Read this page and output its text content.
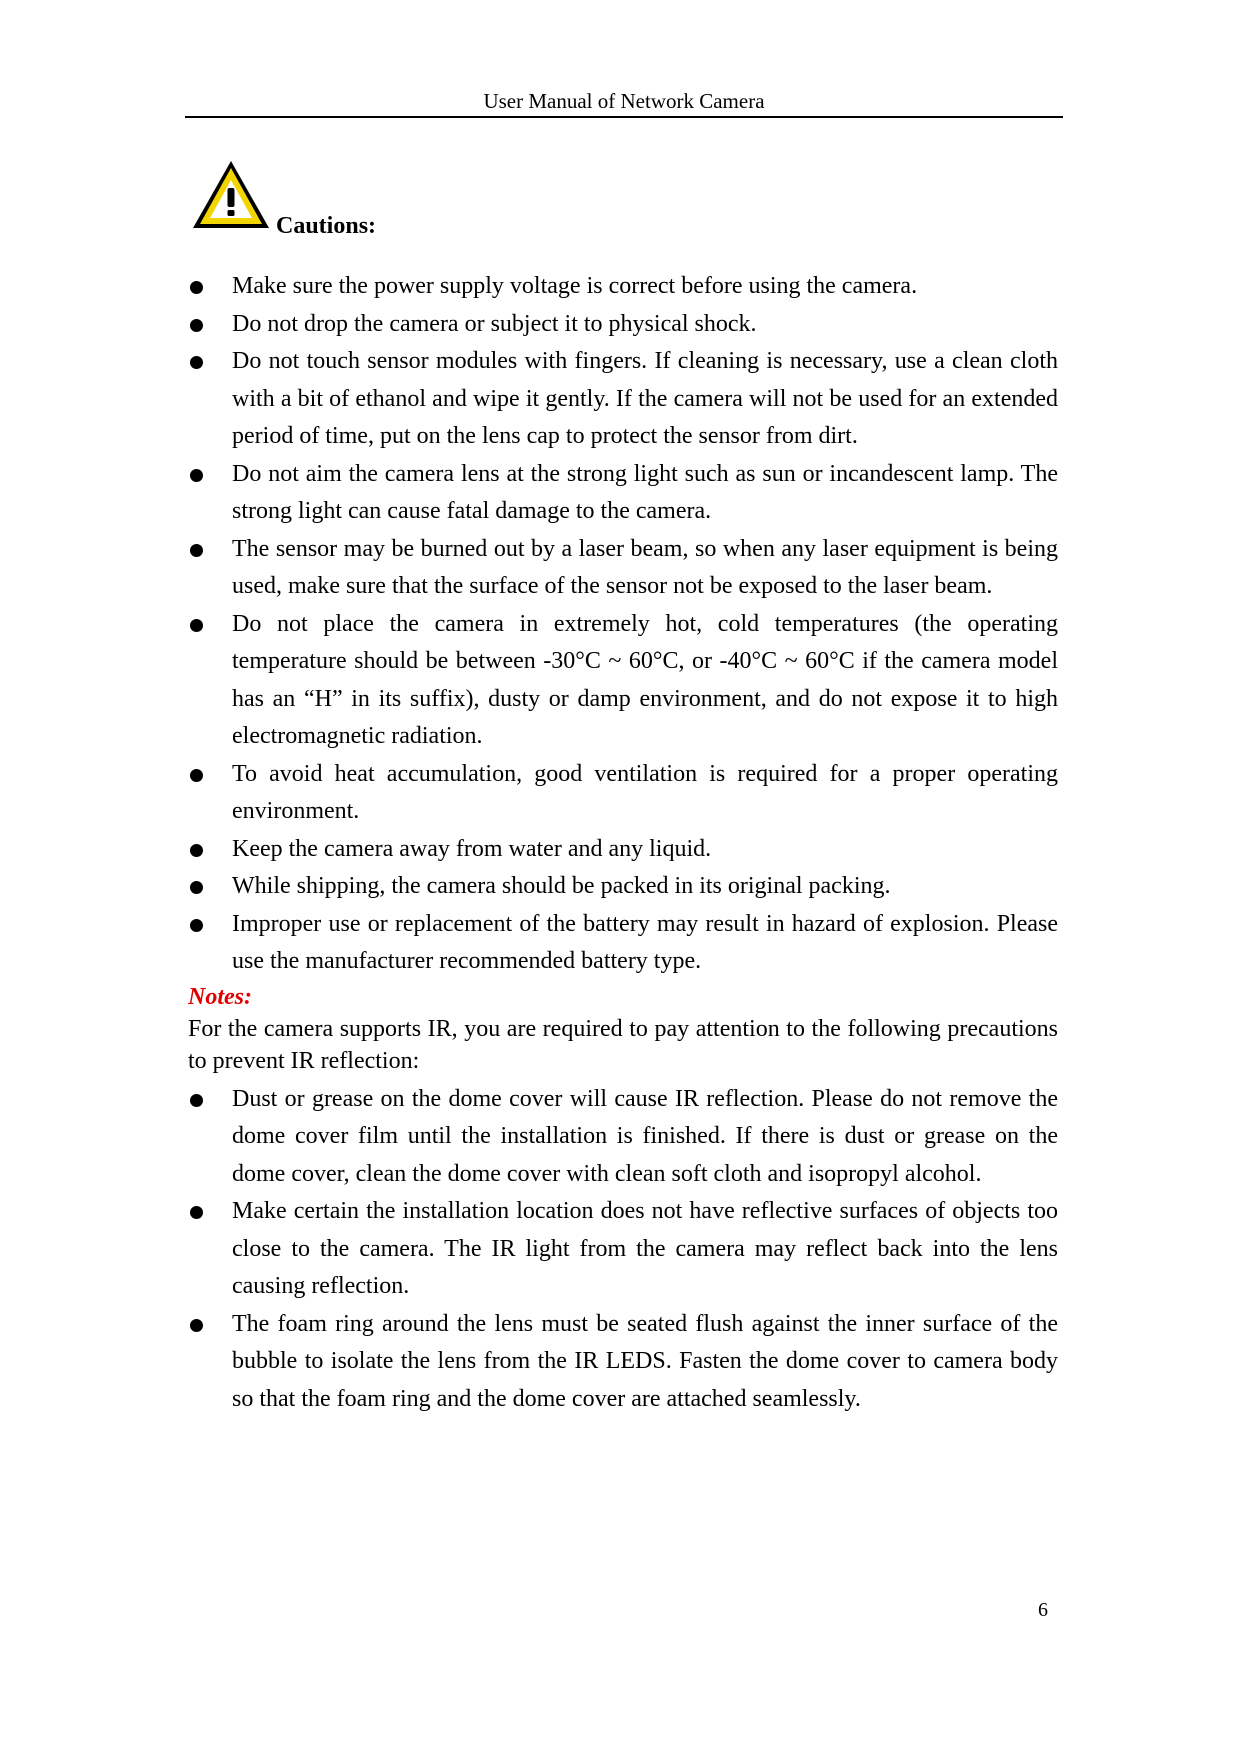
User Manual of Network Camera
Cautions:
Make sure the power supply voltage is correct before using the camera.
Do not drop the camera or subject it to physical shock.
Do not touch sensor modules with fingers. If cleaning is necessary, use a clean cloth with a bit of ethanol and wipe it gently. If the camera will not be used for an extended period of time, put on the lens cap to protect the sensor from dirt.
Do not aim the camera lens at the strong light such as sun or incandescent lamp. The strong light can cause fatal damage to the camera.
The sensor may be burned out by a laser beam, so when any laser equipment is being used, make sure that the surface of the sensor not be exposed to the laser beam.
Do not place the camera in extremely hot, cold temperatures (the operating temperature should be between -30°C ~ 60°C, or -40°C ~ 60°C if the camera model has an “H” in its suffix), dusty or damp environment, and do not expose it to high electromagnetic radiation.
To avoid heat accumulation, good ventilation is required for a proper operating environment.
Keep the camera away from water and any liquid.
While shipping, the camera should be packed in its original packing.
Improper use or replacement of the battery may result in hazard of explosion. Please use the manufacturer recommended battery type.
Notes:
For the camera supports IR, you are required to pay attention to the following precautions to prevent IR reflection:
Dust or grease on the dome cover will cause IR reflection. Please do not remove the dome cover film until the installation is finished. If there is dust or grease on the dome cover, clean the dome cover with clean soft cloth and isopropyl alcohol.
Make certain the installation location does not have reflective surfaces of objects too close to the camera. The IR light from the camera may reflect back into the lens causing reflection.
The foam ring around the lens must be seated flush against the inner surface of the bubble to isolate the lens from the IR LEDS. Fasten the dome cover to camera body so that the foam ring and the dome cover are attached seamlessly.
6
